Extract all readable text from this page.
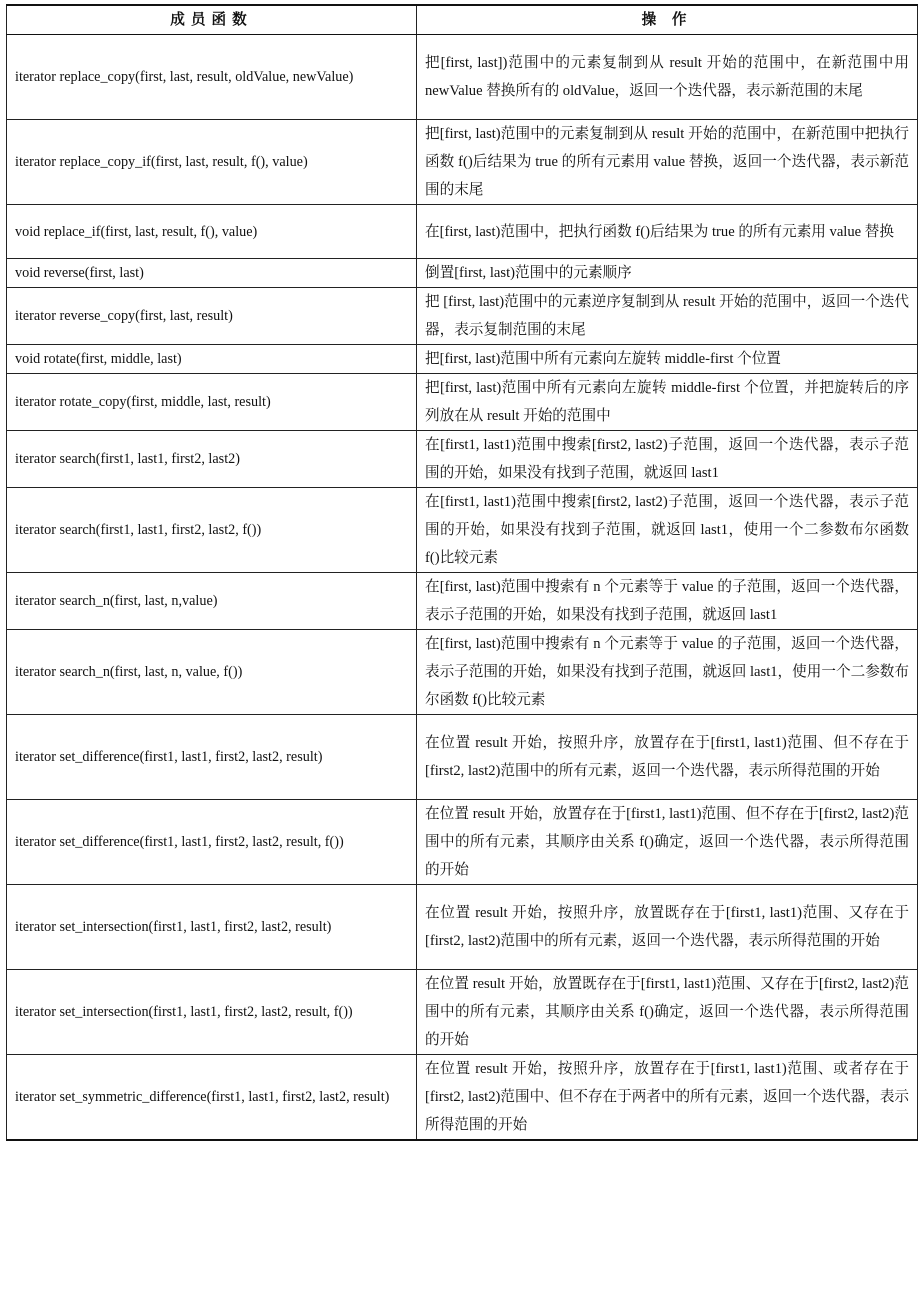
成员函数	操 作
iterator replace_copy(first, last, result, oldValue, newValue)	把[first, last])范围中的元素复制到从 result 开始的范围中，在新范围中用 newValue 替换所有的 oldValue，返回一个迭代器，表示新范围的末尾
iterator replace_copy_if(first, last, result, f(), value)	把[first, last)范围中的元素复制到从 result 开始的范围中，在新范围中把执行函数 f()后结果为 true 的所有元素用 value 替换，返回一个迭代器，表示新范围的末尾
void replace_if(first, last, result, f(), value)	在[first, last)范围中，把执行函数 f()后结果为 true 的所有元素用 value 替换
void reverse(first, last)	倒置[first, last)范围中的元素顺序
iterator reverse_copy(first, last, result)	把 [first, last)范围中的元素逆序复制到从 result 开始的范围中，返回一个迭代器，表示复制范围的末尾
void rotate(first, middle, last)	把[first, last)范围中所有元素向左旋转 middle-first 个位置
iterator rotate_copy(first, middle, last, result)	把[first, last)范围中所有元素向左旋转 middle-first 个位置，并把旋转后的序列放在从 result 开始的范围中
iterator search(first1, last1, first2, last2)	在[first1, last1)范围中搜索[first2, last2)子范围，返回一个迭代器，表示子范围的开始，如果没有找到子范围，就返回 last1
iterator search(first1, last1, first2, last2, f())	在[first1, last1)范围中搜索[first2, last2)子范围，返回一个迭代器，表示子范围的开始，如果没有找到子范围，就返回 last1，使用一个二参数布尔函数 f()比较元素
iterator search_n(first, last, n,value)	在[first, last)范围中搜索有 n 个元素等于 value 的子范围，返回一个迭代器，表示子范围的开始，如果没有找到子范围，就返回 last1
iterator search_n(first, last, n, value, f())	在[first, last)范围中搜索有 n 个元素等于 value 的子范围，返回一个迭代器，表示子范围的开始，如果没有找到子范围，就返回 last1，使用一个二参数布尔函数 f()比较元素
iterator set_difference(first1, last1, first2, last2, result)	在位置 result 开始，按照升序，放置存在于[first1, last1)范围、但不存在于[first2, last2)范围中的所有元素，返回一个迭代器，表示所得范围的开始
iterator set_difference(first1, last1, first2, last2, result, f())	在位置 result 开始，放置存在于[first1, last1)范围、但不存在于[first2, last2)范围中的所有元素，其顺序由关系 f()确定，返回一个迭代器，表示所得范围的开始
iterator set_intersection(first1, last1, first2, last2, result)	在位置 result 开始，按照升序，放置既存在于[first1, last1)范围、又存在于[first2, last2)范围中的所有元素，返回一个迭代器，表示所得范围的开始
iterator set_intersection(first1, last1, first2, last2, result, f())	在位置 result 开始，放置既存在于[first1, last1)范围、又存在于[first2, last2)范围中的所有元素，其顺序由关系 f()确定，返回一个迭代器，表示所得范围的开始
iterator set_symmetric_difference(first1, last1, first2, last2, result)	在位置 result 开始，按照升序，放置存在于[first1, last1)范围、或者存在于[first2, last2)范围中、但不存在于两者中的所有元素，返回一个迭代器，表示所得范围的开始
